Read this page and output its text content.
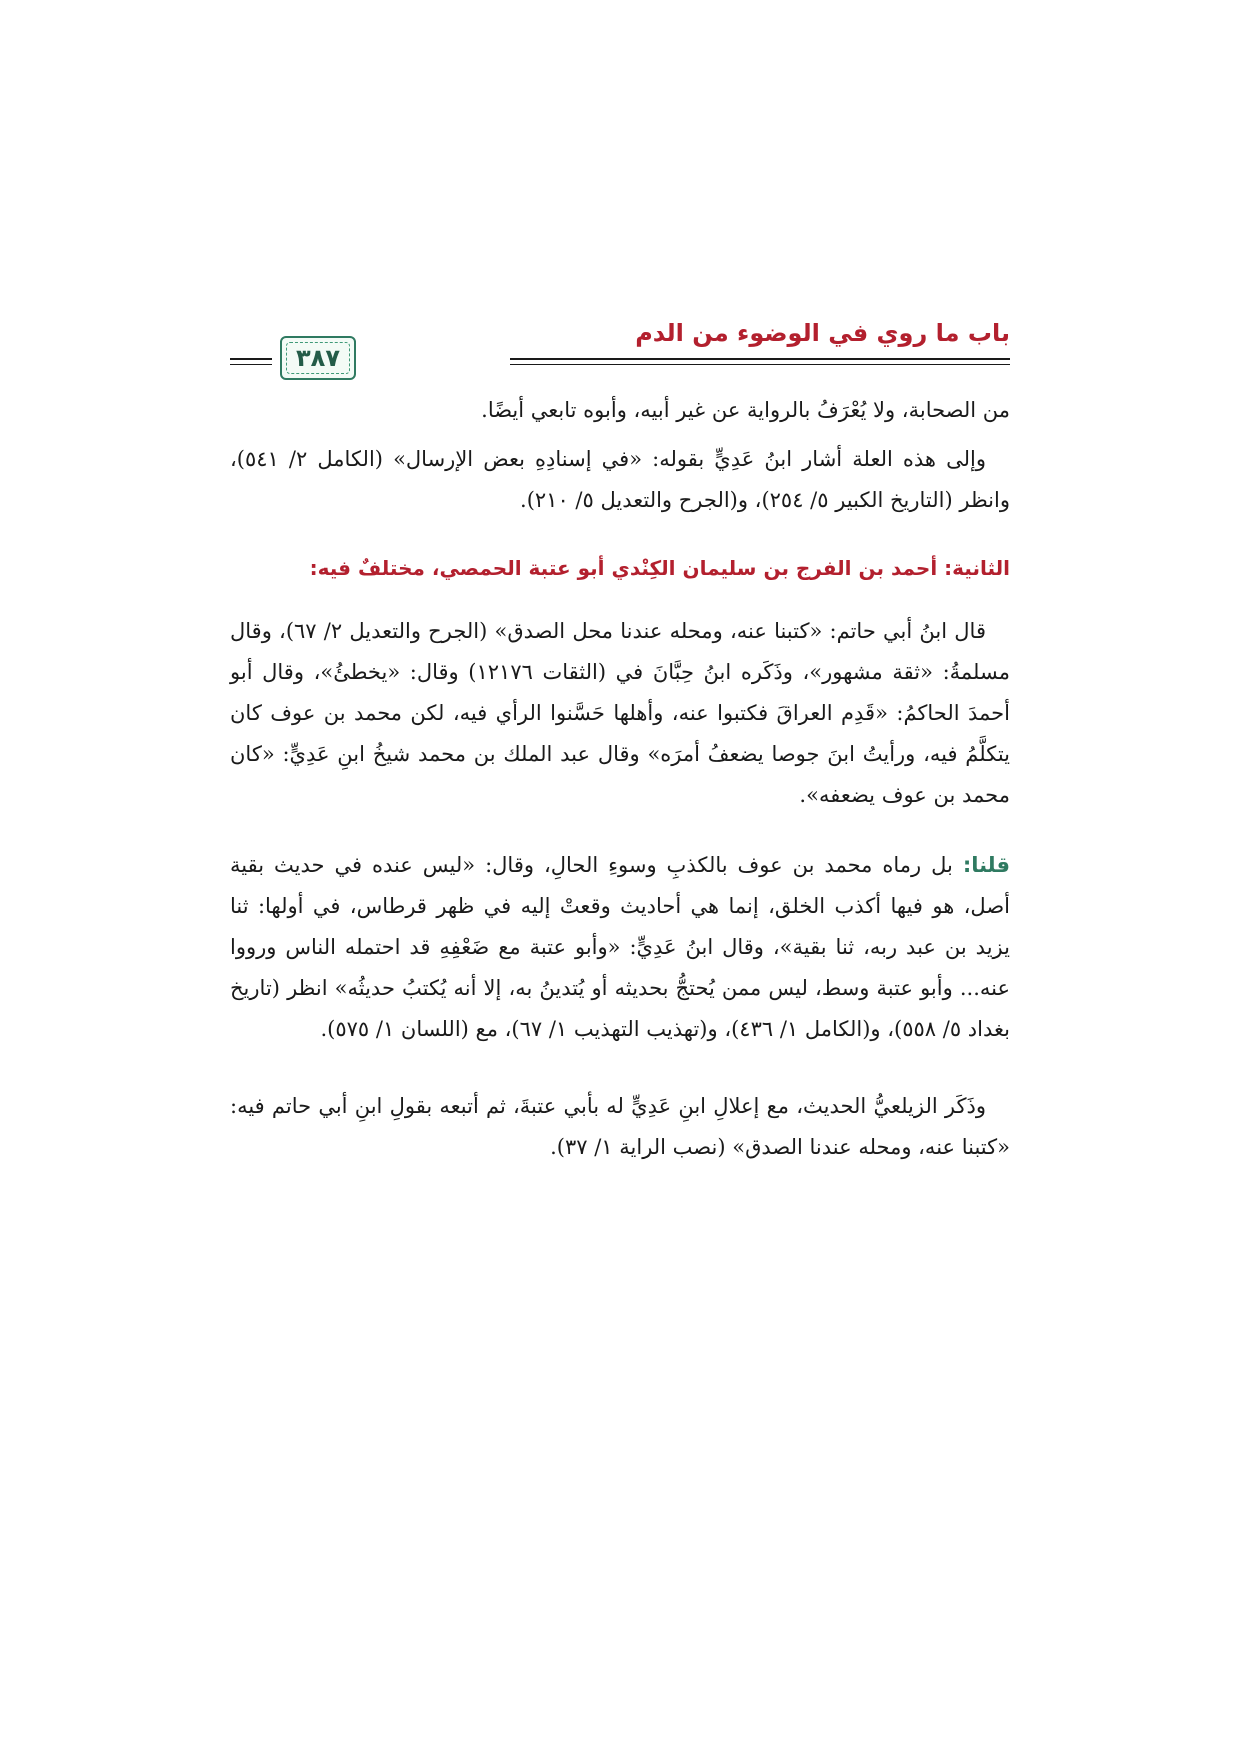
باب ما روي في الوضوء من الدم
٣٨٧

من الصحابة، ولا يُعْرَفُ بالرواية عن غير أبيه، وأبوه تابعي أيضًا.

وإلى هذه العلة أشار ابنُ عَدِيٍّ بقوله: «في إسنادِهِ بعض الإرسال» (الكامل ٢/ ٥٤١)، وانظر (التاريخ الكبير ٥/ ٢٥٤)، و(الجرح والتعديل ٥/ ٢١٠).

الثانية: أحمد بن الفرج بن سليمان الكِنْدي أبو عتبة الحمصي، مختلفٌ فيه:

قال ابنُ أبي حاتم: «كتبنا عنه، ومحله عندنا محل الصدق» (الجرح والتعديل ٢/ ٦٧)، وقال مسلمةُ: «ثقة مشهور»، وذَكَره ابنُ حِبَّانَ في (الثقات ١٢١٧٦) وقال: «يخطئُ»، وقال أبو أحمدَ الحاكمُ: «قَدِم العراقَ فكتبوا عنه، وأهلها حَسَّنوا الرأي فيه، لكن محمد بن عوف كان يتكلَّمُ فيه، ورأيتُ ابنَ جوصا يضعفُ أمرَه» وقال عبد الملك بن محمد شيخُ ابنِ عَدِيٍّ: «كان محمد بن عوف يضعفه».

قلنا: بل رماه محمد بن عوف بالكذبِ وسوءِ الحالِ، وقال: «ليس عنده في حديث بقية أصل، هو فيها أكذب الخلق، إنما هي أحاديث وقعتْ إليه في ظهر قرطاس، في أولها: ثنا يزيد بن عبد ربه، ثنا بقية»، وقال ابنُ عَدِيٍّ: «وأبو عتبة مع ضَعْفِهِ قد احتمله الناس ورووا عنه... وأبو عتبة وسط، ليس ممن يُحتجُّ بحديثه أو يُتدينُ به، إلا أنه يُكتبُ حديثُه» انظر (تاريخ بغداد ٥/ ٥٥٨)، و(الكامل ١/ ٤٣٦)، و(تهذيب التهذيب ١/ ٦٧)، مع (اللسان ١/ ٥٧٥).

وذَكَر الزيلعيُّ الحديث، مع إعلالِ ابنِ عَدِيٍّ له بأبي عتبةَ، ثم أتبعه بقولِ ابنِ أبي حاتم فيه: «كتبنا عنه، ومحله عندنا الصدق» (نصب الراية ١/ ٣٧).
